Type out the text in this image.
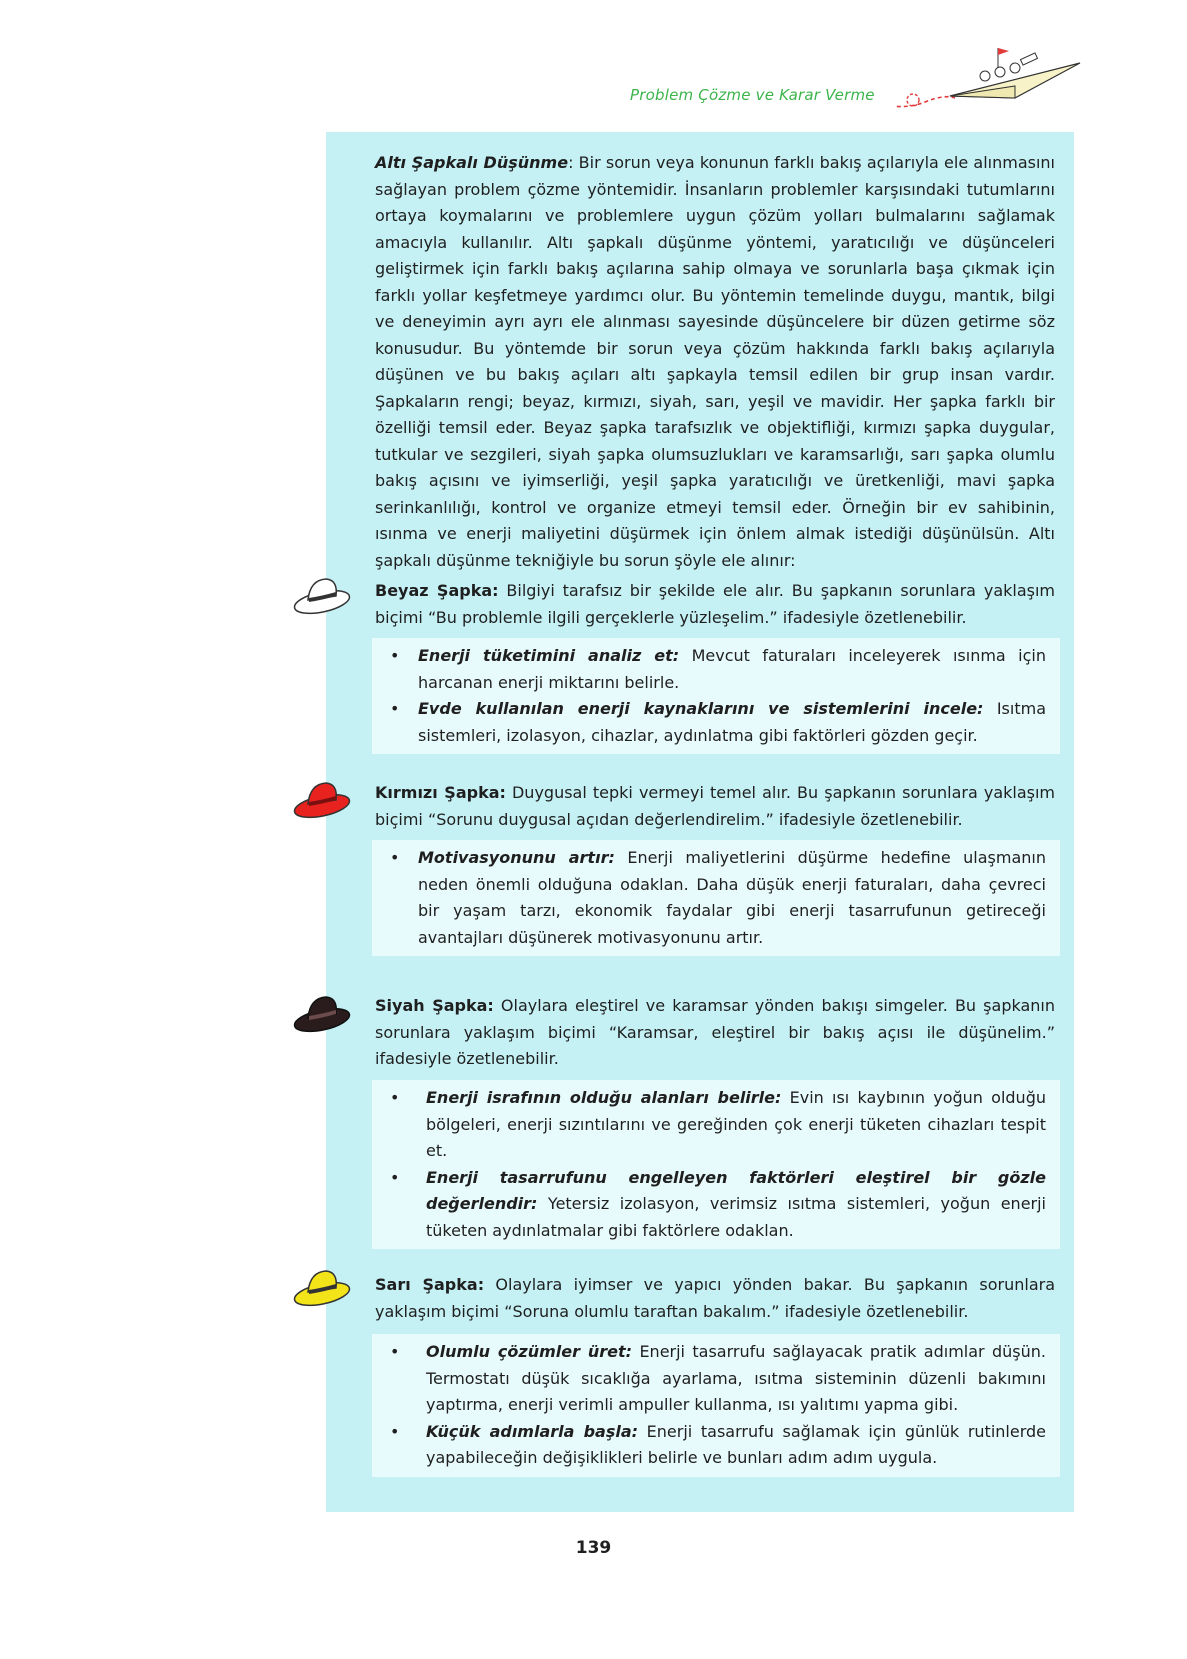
Problem Çözme ve Karar Verme
Altı Şapkalı Düşünme: Bir sorun veya konunun farklı bakış açılarıyla ele alınmasını sağlayan problem çözme yöntemidir. İnsanların problemler karşısındaki tutumlarını ortaya koymalarını ve problemlere uygun çözüm yolları bulmalarını sağlamak amacıyla kullanılır. Altı şapkalı düşünme yöntemi, yaratıcılığı ve düşünceleri geliştirmek için farklı bakış açılarına sahip olmaya ve sorunlarla başa çıkmak için farklı yollar keşfetmeye yardımcı olur. Bu yöntemin temelinde duygu, mantık, bilgi ve deneyimin ayrı ayrı ele alınması sayesinde düşüncelere bir düzen getirme söz konusudur. Bu yöntemde bir sorun veya çözüm hakkında farklı bakış açılarıyla düşünen ve bu bakış açıları altı şapkayla temsil edilen bir grup insan vardır. Şapkaların rengi; beyaz, kırmızı, siyah, sarı, yeşil ve mavidir. Her şapka farklı bir özelliği temsil eder. Beyaz şapka tarafsızlık ve objektifliği, kırmızı şapka duygular, tutkular ve sezgileri, siyah şapka olumsuzlukları ve karamsarlığı, sarı şapka olumlu bakış açısını ve iyimserliği, yeşil şapka yaratıcılığı ve üretkenliği, mavi şapka serinkanlılığı, kontrol ve organize etmeyi temsil eder. Örneğin bir ev sahibinin, ısınma ve enerji maliyetini düşürmek için önlem almak istediği düşünülsün. Altı şapkalı düşünme tekniğiyle bu sorun şöyle ele alınır:
Beyaz Şapka: Bilgiyi tarafsız bir şekilde ele alır. Bu şapkanın sorunlara yaklaşım biçimi “Bu problemle ilgili gerçeklerle yüzleşelim.” ifadesiyle özetlenebilir.
• Enerji tüketimini analiz et: Mevcut faturaları inceleyerek ısınma için harcanan enerji miktarını belirle.
• Evde kullanılan enerji kaynaklarını ve sistemlerini incele: Isıtma sistemleri, izolasyon, cihazlar, aydınlatma gibi faktörleri gözden geçir.
Kırmızı Şapka: Duygusal tepki vermeyi temel alır. Bu şapkanın sorunlara yaklaşım biçimi “Sorunu duygusal açıdan değerlendirelim.” ifadesiyle özetlenebilir.
• Motivasyonunu artır: Enerji maliyetlerini düşürme hedefine ulaşmanın neden önemli olduğuna odaklan. Daha düşük enerji faturaları, daha çevreci bir yaşam tarzı, ekonomik faydalar gibi enerji tasarrufunun getireceği avantajları düşünerek motivasyonunu artır.
Siyah Şapka: Olaylara eleştirel ve karamsar yönden bakışı simgeler. Bu şapkanın sorunlara yaklaşım biçimi “Karamsar, eleştirel bir bakış açısı ile düşünelim.” ifadesiyle özetlenebilir.
• Enerji israfının olduğu alanları belirle: Evin ısı kaybının yoğun olduğu bölgeleri, enerji sızıntılarını ve gereğinden çok enerji tüketen cihazları tespit et.
• Enerji tasarrufunu engelleyen faktörleri eleştirel bir gözle değerlendir: Yetersiz izolasyon, verimsiz ısıtma sistemleri, yoğun enerji tüketen aydınlatmalar gibi faktörlere odaklan.
Sarı Şapka: Olaylara iyimser ve yapıcı yönden bakar. Bu şapkanın sorunlara yaklaşım biçimi “Soruna olumlu taraftan bakalım.” ifadesiyle özetlenebilir.
• Olumlu çözümler üret: Enerji tasarrufu sağlayacak pratik adımlar düşün. Termostatı düşük sıcaklığa ayarlama, ısıtma sisteminin düzenli bakımını yaptırma, enerji verimli ampuller kullanma, ısı yalıtımı yapma gibi.
• Küçük adımlarla başla: Enerji tasarrufu sağlamak için günlük rutinlerde yapabileceğin değişiklikleri belirle ve bunları adım adım uygula.
139
